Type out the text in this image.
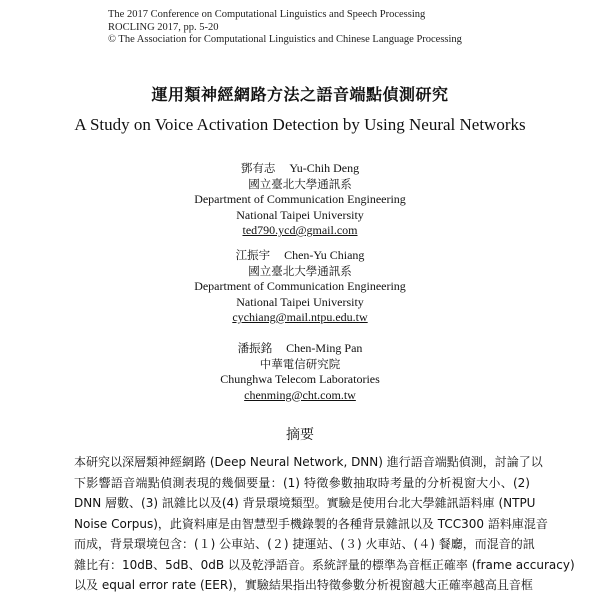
The 2017 Conference on Computational Linguistics and Speech Processing
ROCLING 2017, pp. 5-20
© The Association for Computational Linguistics and Chinese Language Processing
運用類神經網路方法之語音端點偵測研究
A Study on Voice Activation Detection by Using Neural Networks
鄧有志 Yu-Chih Deng
國立臺北大學通訊系
Department of Communication Engineering
National Taipei University
ted790.ycd@gmail.com
江振宇 Chen-Yu Chiang
國立臺北大學通訊系
Department of Communication Engineering
National Taipei University
cychiang@mail.ntpu.edu.tw
潘振銘 Chen-Ming Pan
中華電信研究院
Chunghwa Telecom Laboratories
chenming@cht.com.tw
摘要
本研究以深層類神經網路 (Deep Neural Network, DNN) 進行語音端點偵測，討論了以
下影響語音端點偵測表現的幾個要量：(1) 特徵參數抽取時考量的分析視窗大小、(2)
DNN 層數、(3) 訊雜比以及(4) 背景環境類型。實驗是使用台北大學雜訊語料庫 (NTPU
Noise Corpus)，此資料庫是由智慧型手機錄製的各種背景雜訊以及 TCC300 語料庫混音
而成，背景環境包含：(１) 公車站、(２) 捷運站、(３) 火車站、(４) 餐廳，而混音的訊
雜比有：10dB、5dB、0dB 以及乾淨語音。系統評量的標準為音框正確率 (frame accuracy)
以及 equal error rate (EER)，實驗結果指出特徵參數分析視窗越大正確率越高且音框
